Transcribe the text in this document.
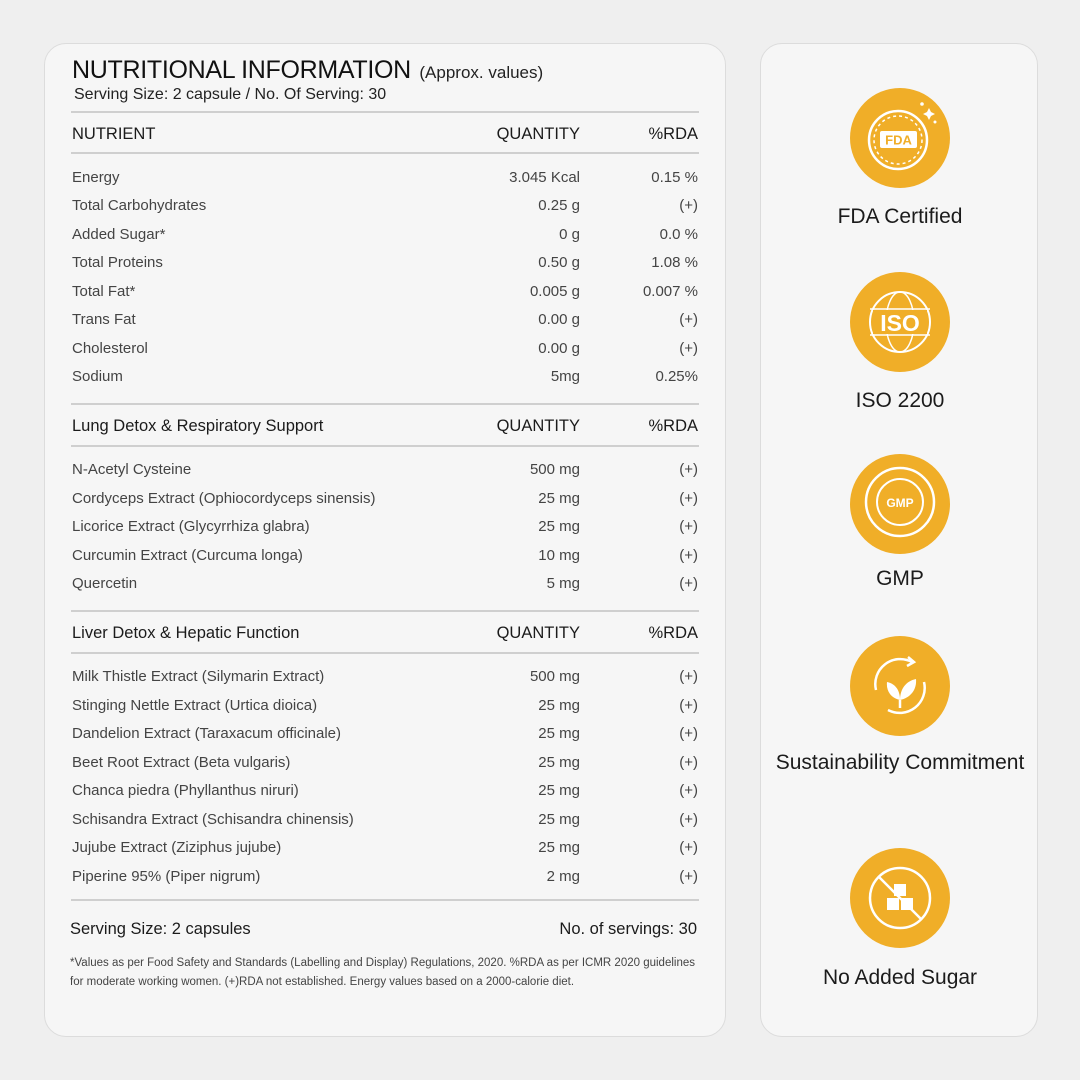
NUTRITIONAL INFORMATION (Approx. values)
Serving Size: 2 capsule / No. Of Serving: 30
NUTRIENT	QUANTITY	%RDA
Energy	3.045 Kcal	0.15 %
Total Carbohydrates	0.25 g	(+)
Added Sugar*	0 g	0.0 %
Total Proteins	0.50 g	1.08 %
Total Fat*	0.005 g	0.007 %
Trans Fat	0.00 g	(+)
Cholesterol	0.00 g	(+)
Sodium	5mg	0.25%
Lung Detox & Respiratory Support	QUANTITY	%RDA
N-Acetyl Cysteine	500 mg	(+)
Cordyceps Extract (Ophiocordyceps sinensis)	25 mg	(+)
Licorice Extract (Glycyrrhiza glabra)	25 mg	(+)
Curcumin Extract (Curcuma longa)	10 mg	(+)
Quercetin	5 mg	(+)
Liver Detox & Hepatic Function	QUANTITY	%RDA
Milk Thistle Extract (Silymarin Extract)	500 mg	(+)
Stinging Nettle Extract (Urtica dioica)	25 mg	(+)
Dandelion Extract (Taraxacum officinale)	25 mg	(+)
Beet Root Extract (Beta vulgaris)	25 mg	(+)
Chanca piedra (Phyllanthus niruri)	25 mg	(+)
Schisandra Extract (Schisandra chinensis)	25 mg	(+)
Jujube Extract (Ziziphus jujube)	25 mg	(+)
Piperine 95% (Piper nigrum)	2 mg	(+)
Serving Size: 2 capsules	No. of servings: 30
*Values as per Food Safety and Standards (Labelling and Display) Regulations, 2020. %RDA as per ICMR 2020 guidelines for moderate working women. (+)RDA not established. Energy values based on a 2000-calorie diet.
FDA
FDA Certified
ISO
ISO 2200
GMP
GMP
Sustainability Commitment
No Added Sugar
